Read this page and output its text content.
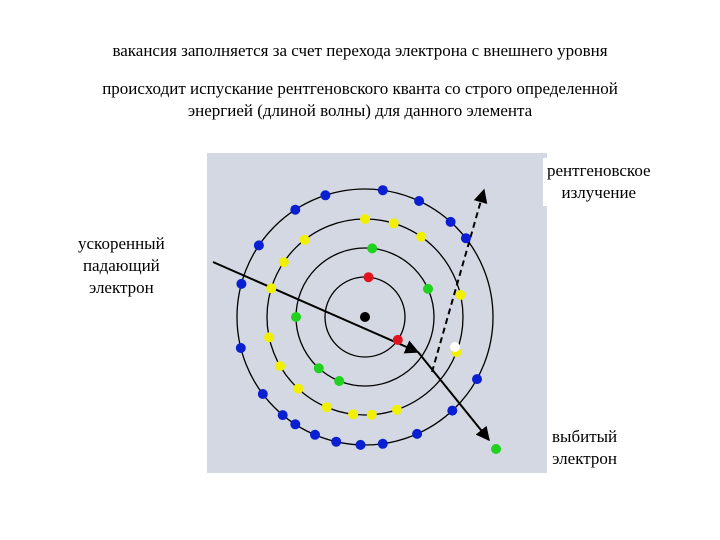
вакансия заполняется за счет перехода электрона с внешнего уровня

происходит испускание рентгеновского кванта со строго определенной
энергией (длиной волны) для данного элемента
рентгеновское
излучение
ускоренный
падающий
электрон
выбитый
электрон
